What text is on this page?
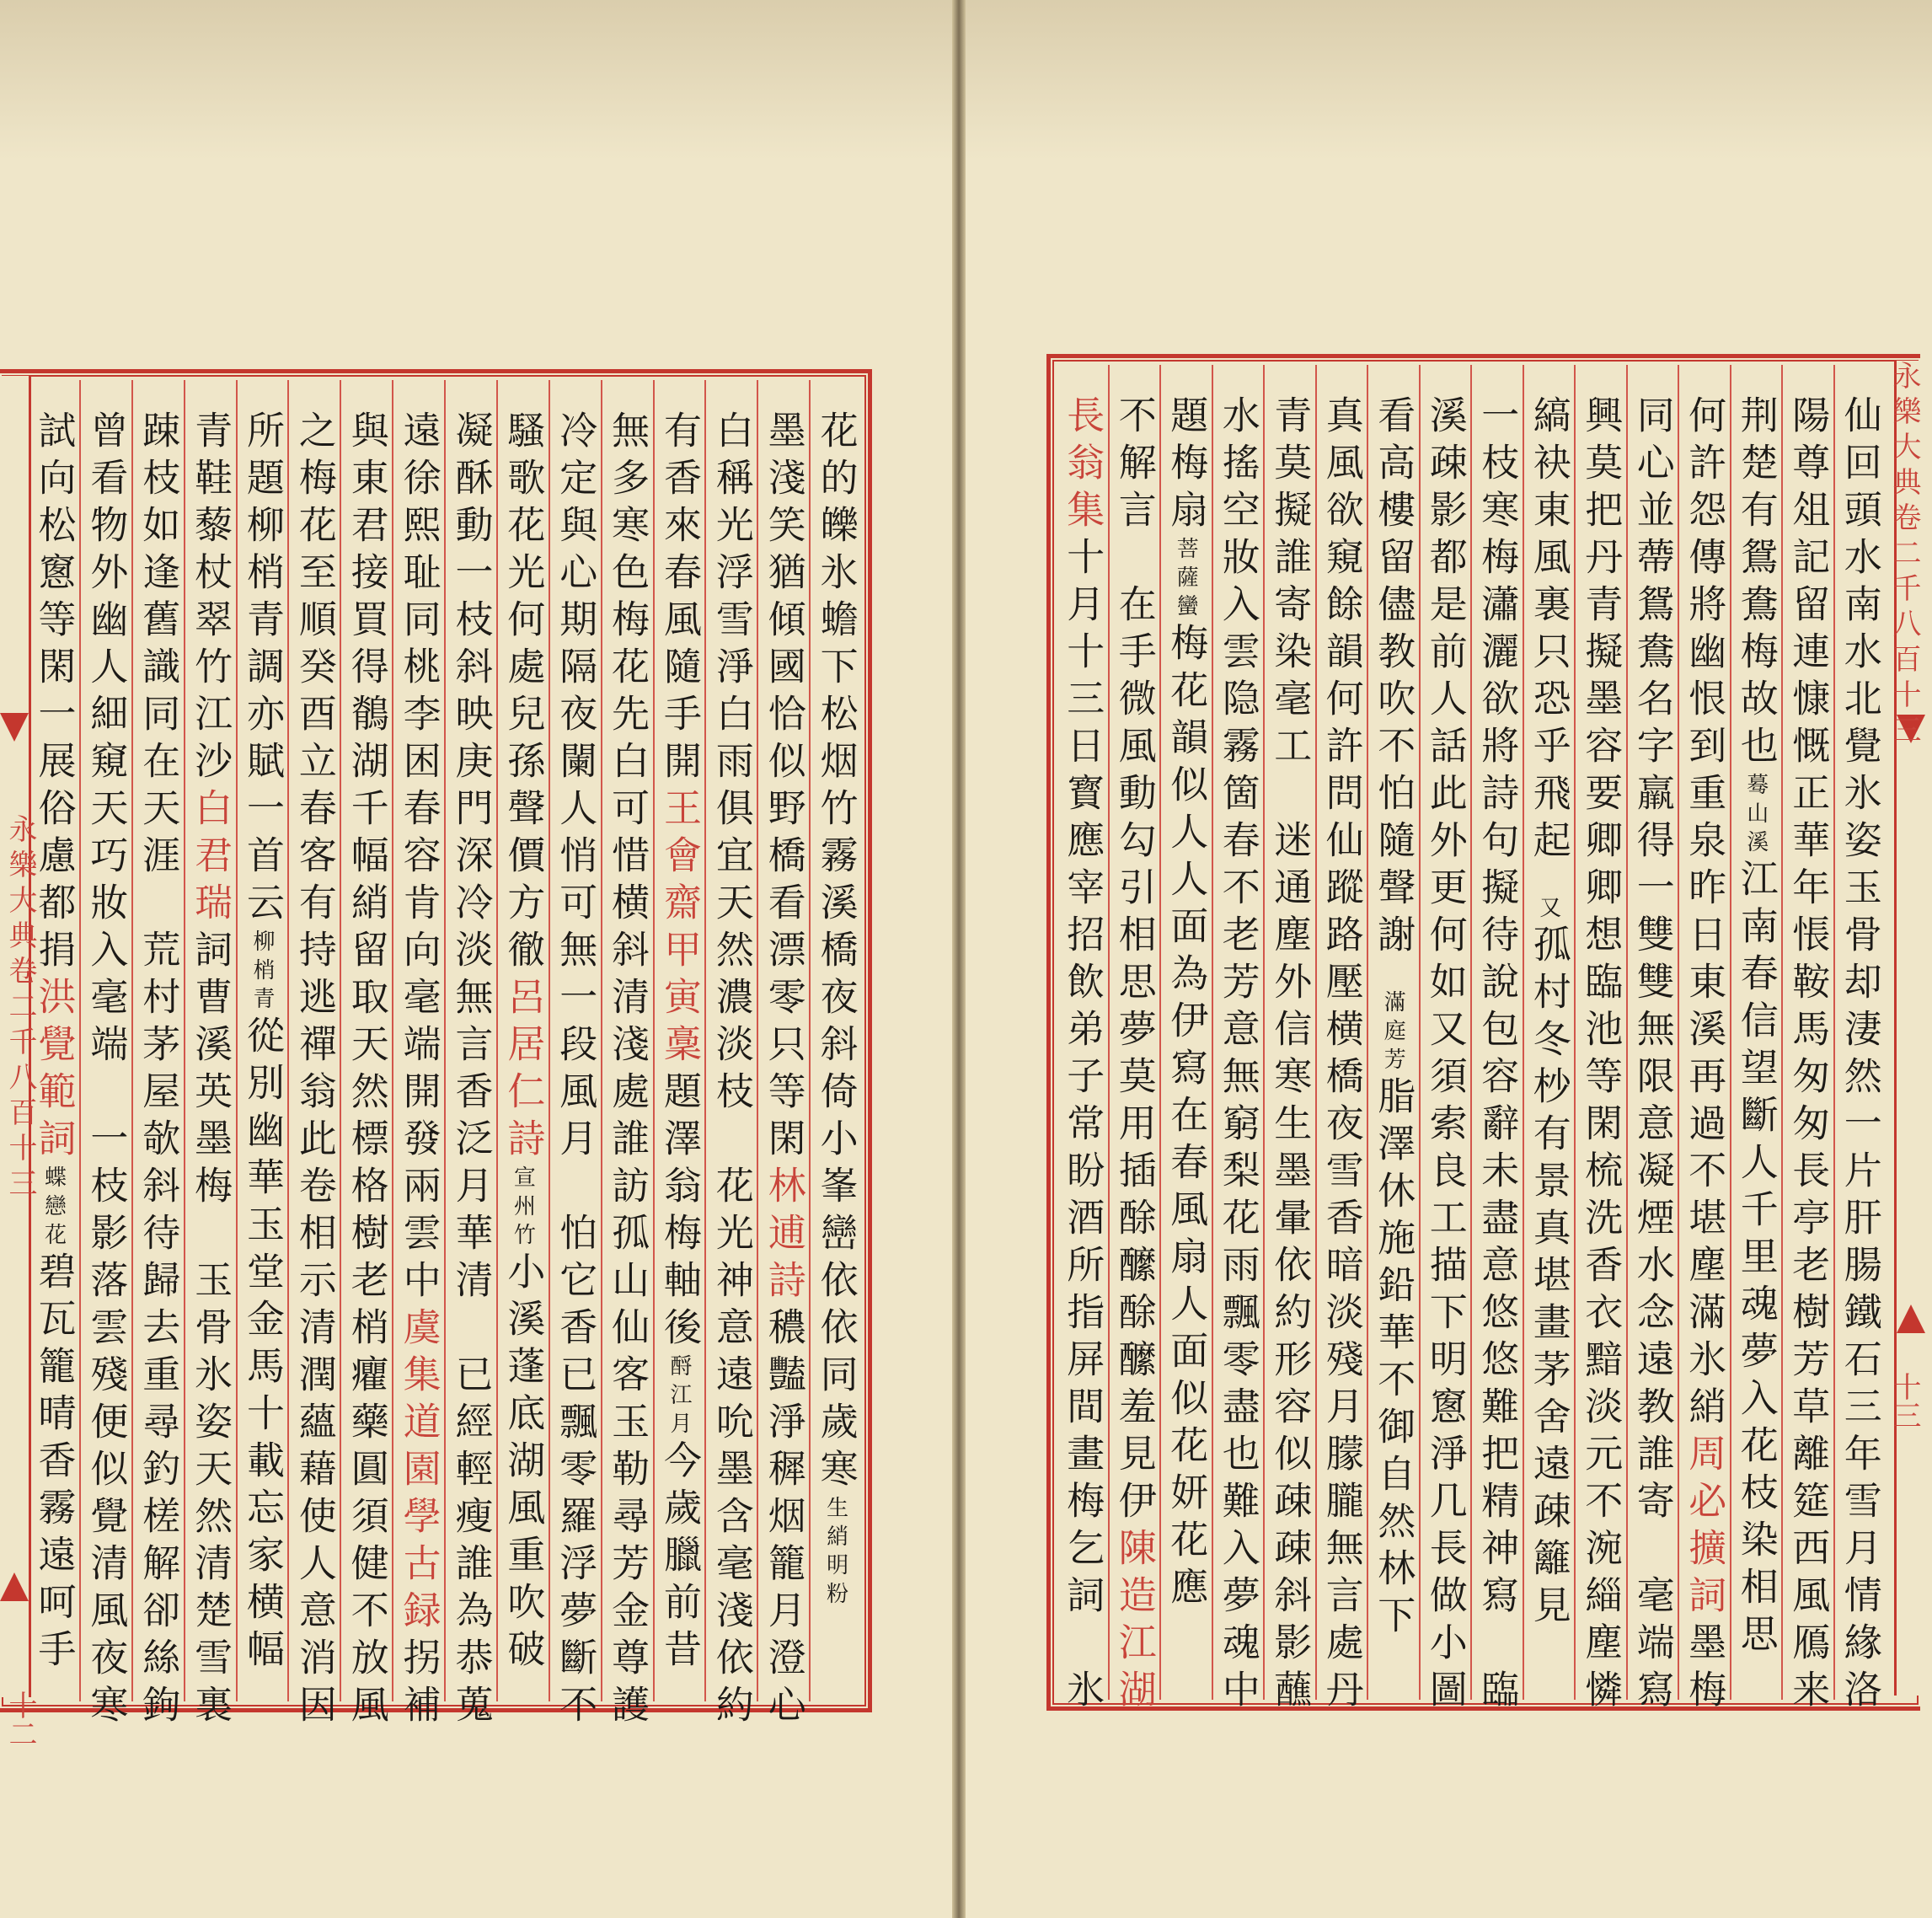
花的皪氷蟾下松烟竹霧溪橋夜斜倚小峯巒依依同歲寒生綃明粉
墨淺笑猶傾國恰似野橋看漂零只等閑林逋詩穠豔淨穉烟籠月澄心
白稱光浮雪淨白雨俱宜天然濃淡枝　花光神意遠吮墨含毫淺依約
有香來春風隨手開王會齋甲寅稾題澤翁梅軸後酹江月今歲臘前昔
無多寒色梅花先白可惜横斜清淺處誰訪孤山仙客玉勒尋芳金尊護
冷定與心期隔夜闌人悄可無一段風月　怕它香已飄零羅浮夢斷不
騷歌花光何處兒孫聲價方徹呂居仁詩宣州竹小溪蓬底湖風重吹破
凝酥動一枝斜映庚門深冷淡無言香泛月華清　已經輕瘦誰為恭蒐
遠徐熙耻同桃李困春容肯向毫端開發兩雲中虞集道園學古録拐補
與東君接買得鶺湖千幅綃留取天然標格樹老梢癯藥圓須健不放風
之梅花至順癸酉立春客有持逃禪翁此卷相示清潤蘊藉使人意消因
所題柳梢青調亦賦一首云柳梢青從別幽華玉堂金馬十載忘家横幅
青鞋藜杖翠竹江沙白君瑞詞曹溪英墨梅　玉骨氷姿天然清楚雪裏
踈枝如逢舊識同在天涯　荒村茅屋欹斜待歸去重尋釣槎解卻絲鉤
曾看物外幽人細窺天巧妝入毫端　一枝影落雲殘便似覺清風夜寒
試向松窻等閑一展俗慮都捐洪覺範詞蝶戀花碧瓦籠晴香霧遠呵手
永樂大典卷二千八百十三
十二
仙回頭水南水北覺氷姿玉骨却淒然一片肝腸鐵石三年雪月情緣洛
陽尊俎記留連慷慨正華年悵鞍馬匆匆長亭老樹芳草離筵西風鴈来
荆楚有鴛鴦梅故也蓦山溪江南春信望斷人千里魂夢入花枝染相思
何許怨傳將幽恨到重泉昨日東溪再過不堪塵滿氷綃周必擴詞墨梅
同心並蔕鴛鴦名字羸得一雙雙無限意凝煙水念遠教誰寄　毫端寫
興莫把丹青擬墨容要卿卿想臨池等閑梳洗香衣黯淡元不涴緇塵憐
縞袂東風裏只恐乎飛起　又孤村冬杪有景真堪畫茅舍遠疎籬見
一枝寒梅瀟灑欲將詩句擬待說包容辭未盡意悠悠難把精神寫　臨
溪疎影都是前人話此外更何如又須索良工描下明窻淨几長做小圖
看高樓留儘教吹不怕隨聲謝　滿庭芳脂澤休施鉛華不御自然林下
真風欲窺餘韻何許問仙蹤路壓横橋夜雪香暗淡殘月朦朧無言處丹
青莫擬誰寄染毫工　迷通塵外信寒生墨暈依約形容似疎疎斜影蘸
水搖空妝入雲隐霧箇春不老芳意無窮梨花雨飄零盡也難入夢魂中
題梅扇菩薩蠻梅花韻似人人面為伊寫在春風扇人面似花妍花應
不解言　在手微風動勾引相思夢莫用插酴醿酴醿羞見伊陳造江湖
長翁集十月十三日寳應宰招飲弟子常盼酒所指屏間畫梅乞詞　氷
永樂大典卷二千八百十三
十三
